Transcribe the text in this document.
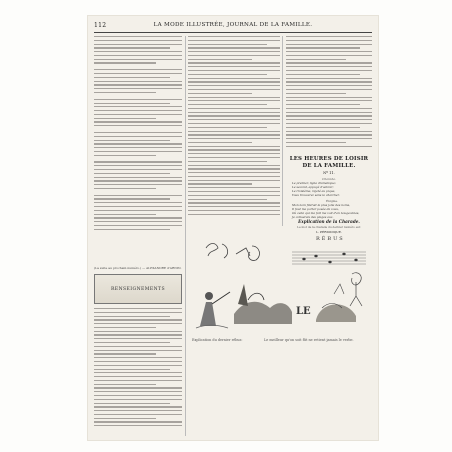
112	LA MODE ILLUSTRÉE, JOURNAL DE LA FAMILLE.
(La suite au prochain numéro.) — ALEXANDRE d'ARNIN.
RENSEIGNEMENTS
LES HEURES DE LOISIR
DE LA FAMILLE.
Nº 11.
Charade.
Le premier, ligne dramatique;
Le second, appuyé d'adorer;
Le troisième, rejeté au pique,
Vous trouverez sans le chercher.
Énigme.
Mon nom finirait le plus jolie des noms,
Il faut me porter posée de vous,
Où celui qui me fait me voit d'en bougeonnes,
Je cotiserais des plages aux.
Explication de la Charade.
Le mot de la charade du dernier numéro est:
L. PÉRIODIQUE.
RÉBUS
LE
Explication du dernier rébus:	Le meilleur qu'on soit fût ne retient jamais le verbe.
